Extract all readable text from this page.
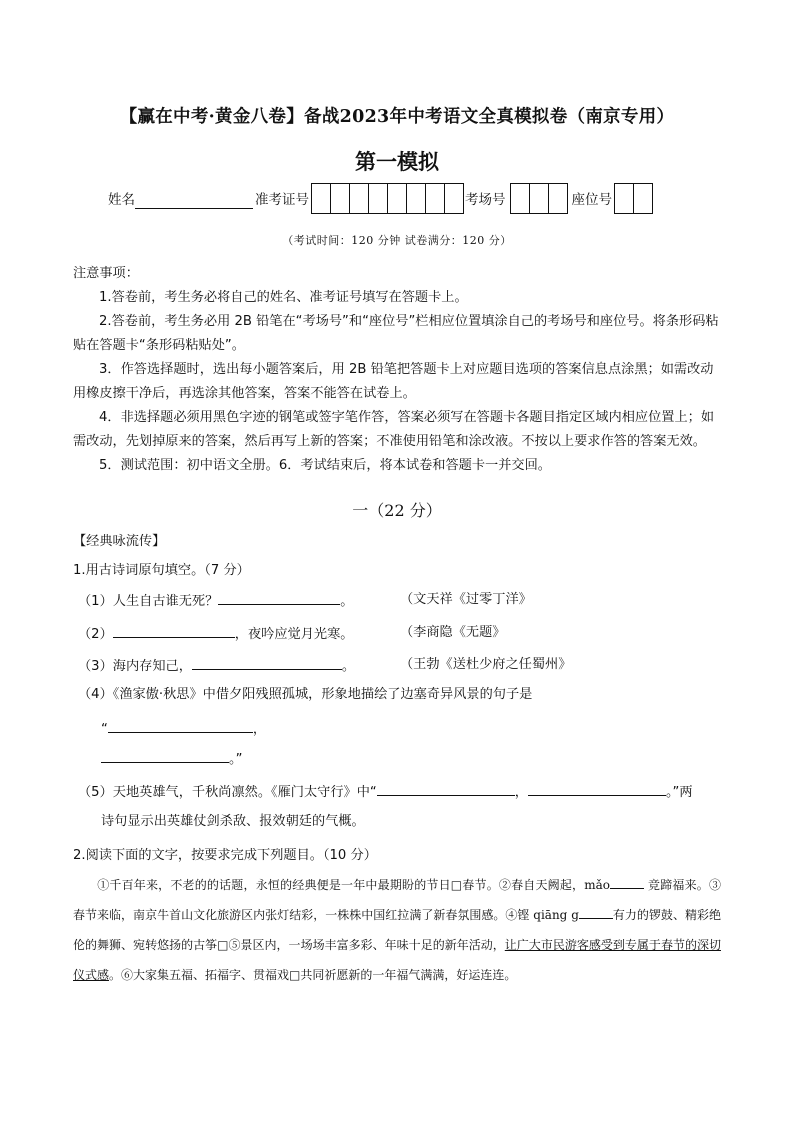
【赢在中考·黄金八卷】备战2023年中考语文全真模拟卷（南京专用）
第一模拟
姓名	准考证号	考场号	座位号
（考试时间：120 分钟 试卷满分：120 分）

注意事项：

1.答卷前，考生务必将自己的姓名、准考证号填写在答题卡上。

2.答卷前，考生务必用 2B 铅笔在“考场号”和“座位号”栏相应位置填涂自己的考场号和座位号。将条形码粘贴在答题卡“条形码粘贴处”。

3．作答选择题时，选出每小题答案后，用 2B 铅笔把答题卡上对应题目选项的答案信息点涂黑；如需改动用橡皮擦干净后，再选涂其他答案，答案不能答在试卷上。

4．非选择题必须用黑色字迹的钢笔或签字笔作答，答案必须写在答题卡各题目指定区域内相应位置上；如需改动，先划掉原来的答案，然后再写上新的答案；不准使用铅笔和涂改液。不按以上要求作答的答案无效。

5．测试范围：初中语文全册。6．考试结束后，将本试卷和答题卡一并交回。

一（22 分）
【经典咏流传】
1.用古诗词原句填空。（7 分）
（1）人生自古谁无死？	。	（文天祥《过零丁洋》
（2）	，夜吟应觉月光寒。	（李商隐《无题》
（3）海内存知己，	。	（王勃《送杜少府之任蜀州》
（4）《渔家傲·秋思》中借夕阳残照孤城，形象地描绘了边塞奇异风景的句子是
“	，
。”
（5）天地英雄气，千秋尚凛然。《雁门太守行》中“	，	。”两
诗句显示出英雄仗剑杀敌、报效朝廷的气概。
2.阅读下面的文字，按要求完成下列题目。（10 分）
①千百年来，不老的的话题，永恒的经典便是一年中最期盼的节日□春节。②春自天阙起，mǎo	竞蹄福来。③春节来临，南京牛首山文化旅游区内张灯结彩，一株株中国红拉满了新春氛围感。④铿 qiāng g	有力的锣鼓、精彩绝伦的舞狮、宛转悠扬的古筝□⑤景区内，一场场丰富多彩、年味十足的新年活动，让广大市民游客感受到专属于春节的深切仪式感。⑥大家集五福、拓福字、贯福戏□共同祈愿新的一年福气满满，好运连连。
